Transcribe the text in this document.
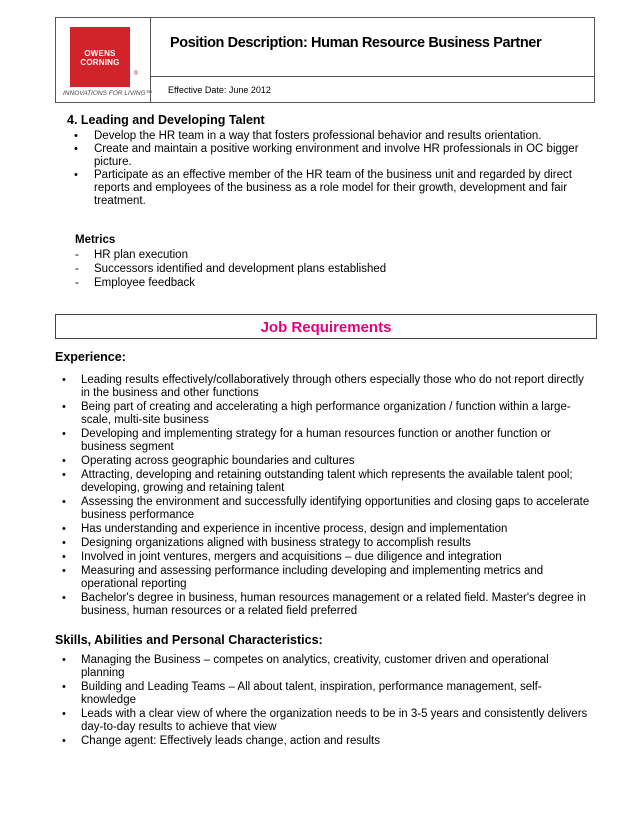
OWENS
CORNING
®
INNOVATIONS FOR LIVING™
Position Description: Human Resource Business Partner
Effective Date: June 2012
4. Leading and Developing Talent
• Develop the HR team in a way that fosters professional behavior and results orientation.
• Create and maintain a positive working environment and involve HR professionals in OC bigger
picture.
• Participate as an effective member of the HR team of the business unit and regarded by direct
reports and employees of the business as a role model for their growth, development and fair
treatment.
Metrics
- HR plan execution
- Successors identified and development plans established
- Employee feedback
Job Requirements
Experience:
• Leading results effectively/collaboratively through others especially those who do not report directly
in the business and other functions
• Being part of creating and accelerating a high performance organization / function within a large-
scale, multi-site business
• Developing and implementing strategy for a human resources function or another function or
business segment
• Operating across geographic boundaries and cultures
• Attracting, developing and retaining outstanding talent which represents the available talent pool;
developing, growing and retaining talent
• Assessing the environment and successfully identifying opportunities and closing gaps to accelerate
business performance
• Has understanding and experience in incentive process, design and implementation
• Designing organizations aligned with business strategy to accomplish results
• Involved in joint ventures, mergers and acquisitions – due diligence and integration
• Measuring and assessing performance including developing and implementing metrics and
operational reporting
• Bachelor's degree in business, human resources management or a related field. Master's degree in
business, human resources or a related field preferred
Skills, Abilities and Personal Characteristics:
• Managing the Business – competes on analytics, creativity, customer driven and operational
planning
• Building and Leading Teams – All about talent, inspiration, performance management, self-
knowledge
• Leads with a clear view of where the organization needs to be in 3-5 years and consistently delivers
day-to-day results to achieve that view
• Change agent: Effectively leads change, action and results
